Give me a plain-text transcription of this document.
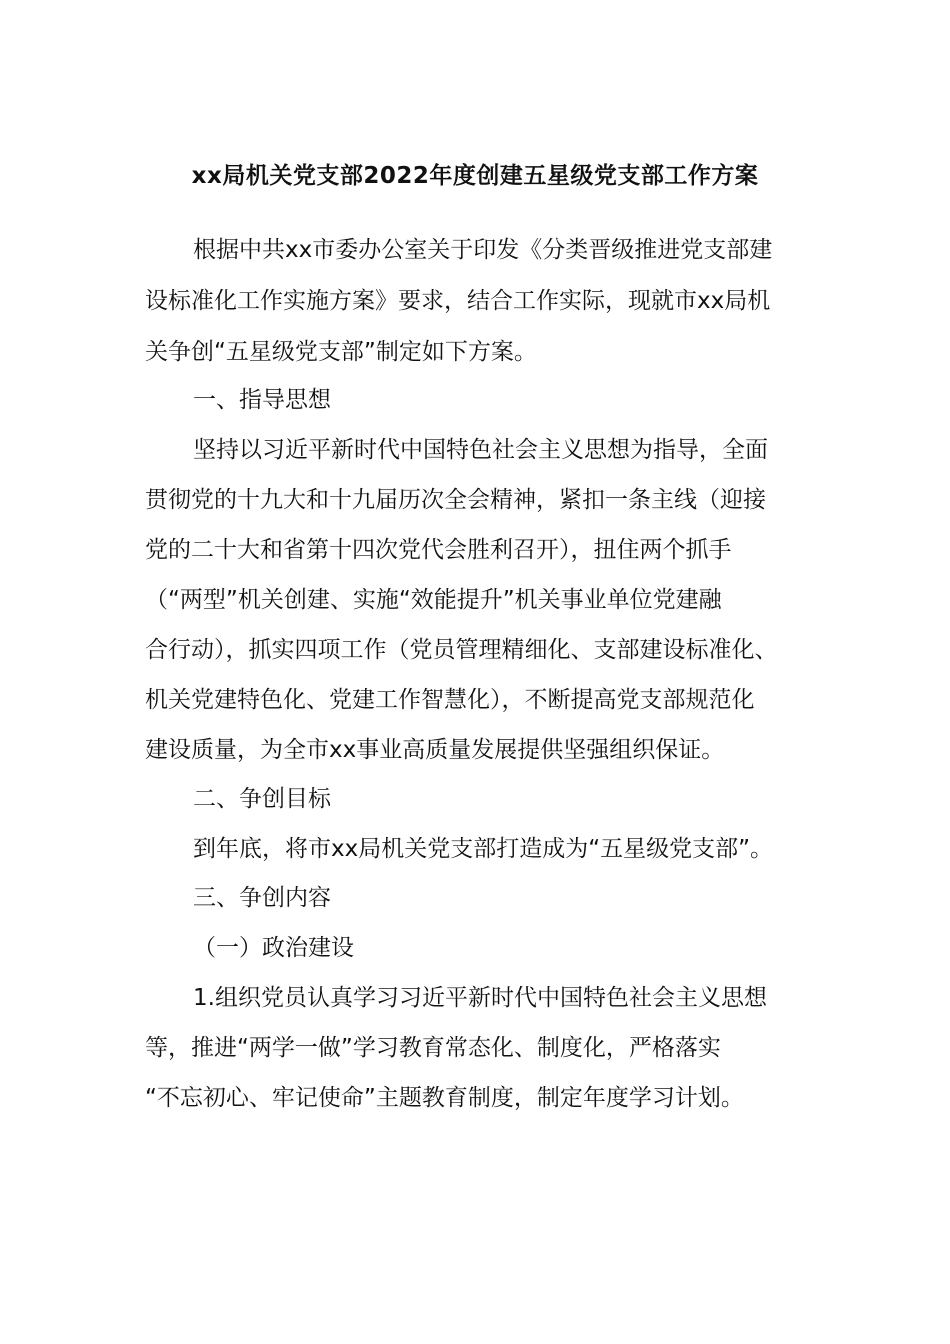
xx局机关党支部2022年度创建五星级党支部工作方案

根据中共xx市委办公室关于印发《分类晋级推进党支部建

设标准化工作实施方案》要求，结合工作实际，现就市xx局机

关争创“五星级党支部”制定如下方案。

一、指导思想

坚持以习近平新时代中国特色社会主义思想为指导，全面

贯彻党的十九大和十九届历次全会精神，紧扣一条主线（迎接

党的二十大和省第十四次党代会胜利召开），扭住两个抓手

（“两型”机关创建、实施“效能提升”机关事业单位党建融

合行动），抓实四项工作（党员管理精细化、支部建设标准化、

机关党建特色化、党建工作智慧化），不断提高党支部规范化

建设质量，为全市xx事业高质量发展提供坚强组织保证。

二、争创目标

到年底，将市xx局机关党支部打造成为“五星级党支部”。

三、争创内容

（一）政治建设

1.组织党员认真学习习近平新时代中国特色社会主义思想

等，推进“两学一做”学习教育常态化、制度化，严格落实

“不忘初心、牢记使命”主题教育制度，制定年度学习计划。
